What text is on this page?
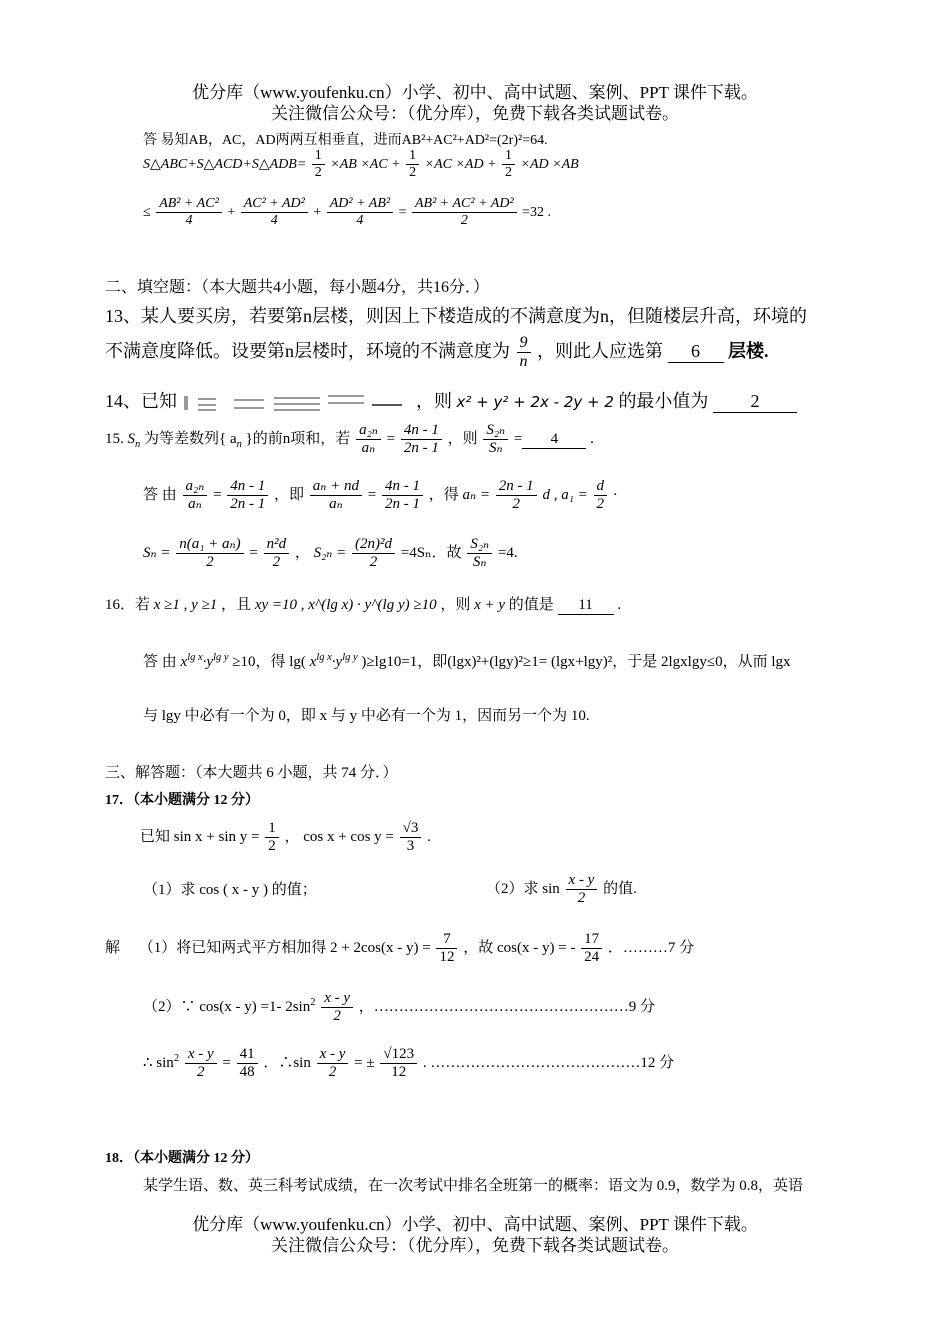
优分库（www.youfenku.cn）小学、初中、高中试题、案例、PPT 课件下载。
关注微信公众号：（优分库），免费下载各类试题试卷。
答 易知AB，AC，AD两两互相垂直，进而AB²+AC²+AD²=(2r)²=64.
S△ABC+S△ACD+S△ADB= $\frac{1}{2} \times AB \times AC + \frac{1}{2} \times AC \times AD + \frac{1}{2} \times AD \times AB$
≤ $\frac{\text{AB² + AC²}}{4} + \frac{\text{AC² + AD²}}{4} + \frac{\text{AD² + AB²}}{4} = \frac{\text{AB² + AC² + AD²}}{2} =32$ .
二、填空题：（本大题共4小题，每小题4分，共16分．）
13、某人要买房，若要第n层楼，则因上下楼造成的不满意度为n，但随楼层升高，环境的
不满意度降低。设要第n层楼时，环境的不满意度为 $\frac{9}{n}$ ，则此人应选第 6 层楼.
14、已知	，则 x² + y² + 2x - 2y + 2 的最小值为 2
15. $S_n$ 为等差数列{ $a_n$ }的前n项和，若 $\frac{\text{a₂ₙ}}{\text{aₙ}} = \frac{4n - 1}{2n - 1}$ ，则 $\frac{\text{S₂ₙ}}{\text{Sₙ}} = 4$ .
答 由 $\frac{\text{a₂ₙ}}{\text{aₙ}} = \frac{4n - 1}{2n - 1}$ ，即 $\frac{\text{aₙ + nd}}{\text{aₙ}} = \frac{4n - 1}{2n - 1}$ ，得 $a_n = \frac{2n - 1}{2}$ d , $a_1 = \frac{d}{2}$ ·
$S_n = \frac{\text{n(a₁ + aₙ)}}{2} = \frac{\text{n²d}}{2}$ ， $S_{2n} = \frac{\text{(2n)²d}}{2} =4S_n$．故 $\frac{\text{S₂ₙ}}{\text{Sₙ}} =4$.
16．若 x ≥1 , y ≥1 ，且 xy =10 , x^(lg x) · y^(lg y) ≥10 ，则 x + y 的值是 11 .
答 由 $x^{lg x}\cdot y^{lg y} \ge 10$，得 lg( $x^{lg x}\cdot y^{lg y}$ )≥lg10=1，即(lgx)²+(lgy)²≥1= (lgx+lgy)²，于是 2lgxlgy≤0，从而 lgx
与 lgy 中必有一个为 0，即 x 与 y 中必有一个为 1，因而另一个为 10.
三、解答题：（本大题共 6 小题，共 74 分．）
17．（本小题满分 12 分）
已知 $\sin x + \sin y = \frac{1}{2}$ ， $\cos x + \cos y = \frac{√3}{3}$ .
（1）求 cos ( x - y ) 的值；	（2）求 $\sin \frac{x - y}{2}$ 的值.
解 （1）将已知两式平方相加得 $2 + 2\cos(x - y) = \frac{7}{12}$ ，故 cos(x - y) = - $\frac{17}{24}$ ．………7 分
（2）∵ cos(x - y) =1- $2\sin^2 \frac{x - y}{2}$ ，……………………………………………9 分
∴ $\sin^2 \frac{x - y}{2} = \frac{41}{48}$ ．∴sin $\frac{x - y}{2}$ = ± $\frac{√123}{12}$ . ……………………………………12 分
18．（本小题满分 12 分）
某学生语、数、英三科考试成绩，在一次考试中排名全班第一的概率：语文为 0.9，数学为 0.8，英语
优分库（www.youfenku.cn）小学、初中、高中试题、案例、PPT 课件下载。
关注微信公众号：（优分库），免费下载各类试题试卷。
